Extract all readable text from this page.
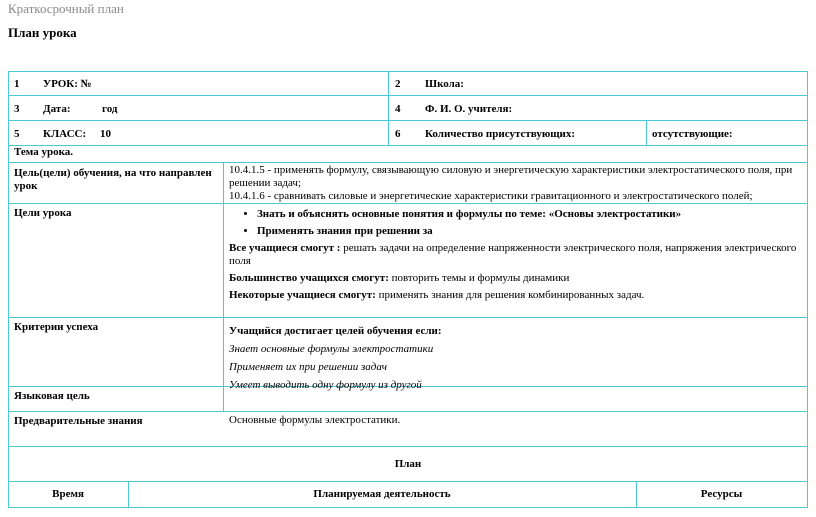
Краткосрочный план
План урока
1 УРОК: №	2 Школа:
3 Дата:	год	4 Ф. И. О. учителя:
5 КЛАСС: 10	6 Количество присутствующих:	отсутствующие:
Тема урока.
Цель(цели) обучения, на что направлен урок

10.4.1.5 - применять формулу, связывающую силовую и энергетическую характеристики электростатического поля, при решении задач;

10.4.1.6 - сравнивать силовые и энергетические характеристики гравитационного и электростатического полей;

Цели урока
•	Знать и объяснять основные понятия и формулы по теме: «Основы электростатики»
• Применять знания при решении за

Все учащиеся смогут : решать задачи на определение напряженности электрического поля, напряжения электрического поля

Большинство учащихся смогут: повторить темы и формулы динамики

Некоторые учащиеся смогут: применять знания для решения комбинированных задач.

Критерии успеха	Учащийся достигает целей обучения если:

Знает основные формулы электростатики

Применяет их при решении задач

Умеет выводить одну формулу из другой

Языковая цель
Предварительные знания	Основные формулы электростатики.
План
Время	Планируемая деятельность	Ресурсы
